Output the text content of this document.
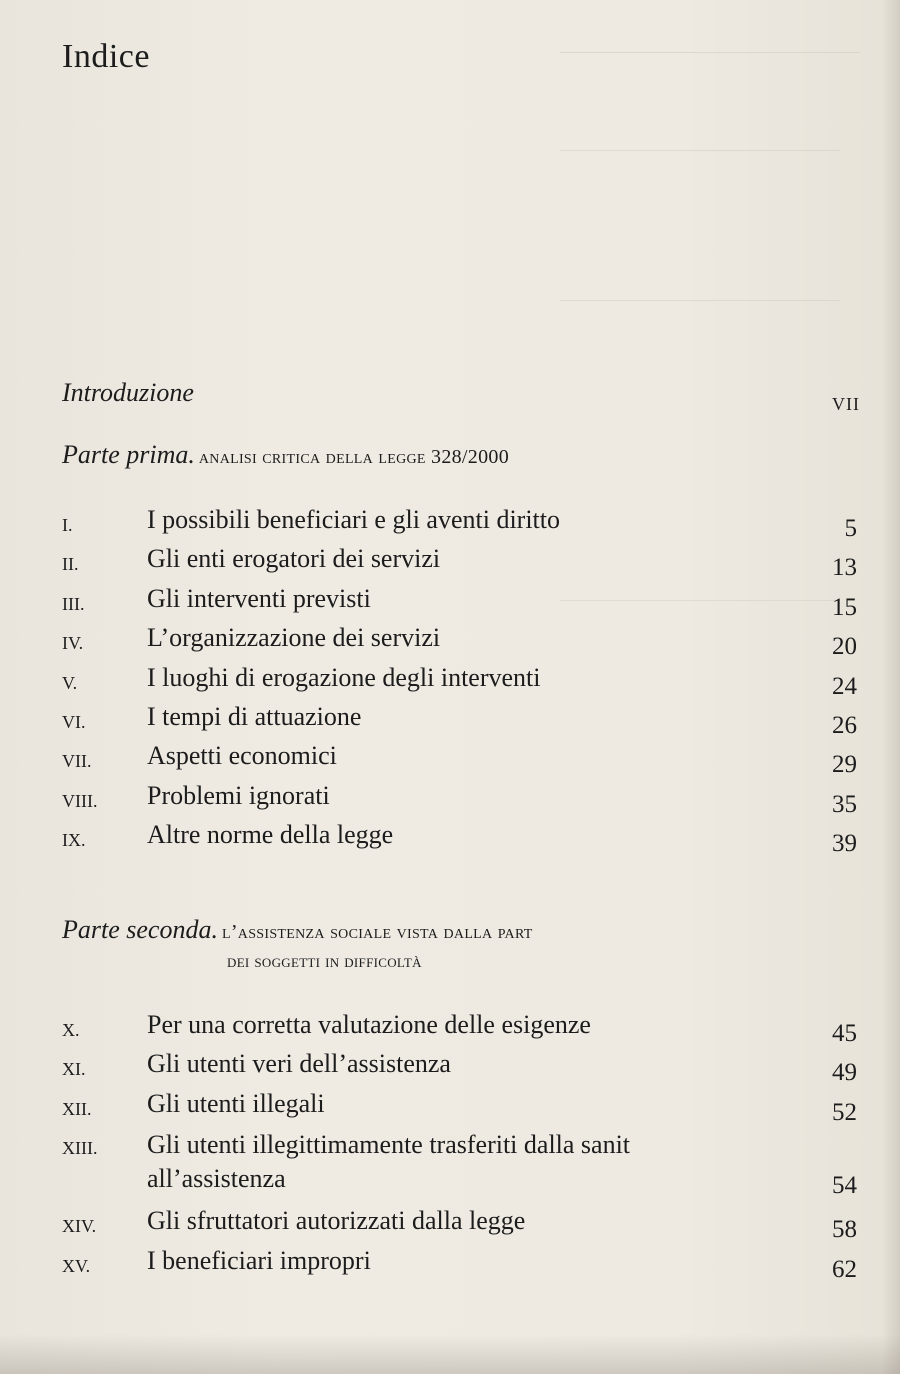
Indice
Introduzione	VII
Parte prima. analisi critica della legge 328/2000
I.	I possibili beneficiari e gli aventi diritto	5
II.	Gli enti erogatori dei servizi	13
III. Gli interventi previsti	15
IV. L’organizzazione dei servizi	20
V.	I luoghi di erogazione degli interventi	24
VI. I tempi di attuazione	26
VII. Aspetti economici	29
VIII. Problemi ignorati	35
IX. Altre norme della legge	39
Parte seconda. l’assistenza sociale vista dalla part
dei soggetti in difficoltà
X.	Per una corretta valutazione delle esigenze	45
XI. Gli utenti veri dell’assistenza	49
XII. Gli utenti illegali	52
XIII. Gli utenti illegittimamente trasferiti dalla sanit
all’assistenza	54
XIV. Gli sfruttatori autorizzati dalla legge	58
XV. I beneficiari impropri	62
